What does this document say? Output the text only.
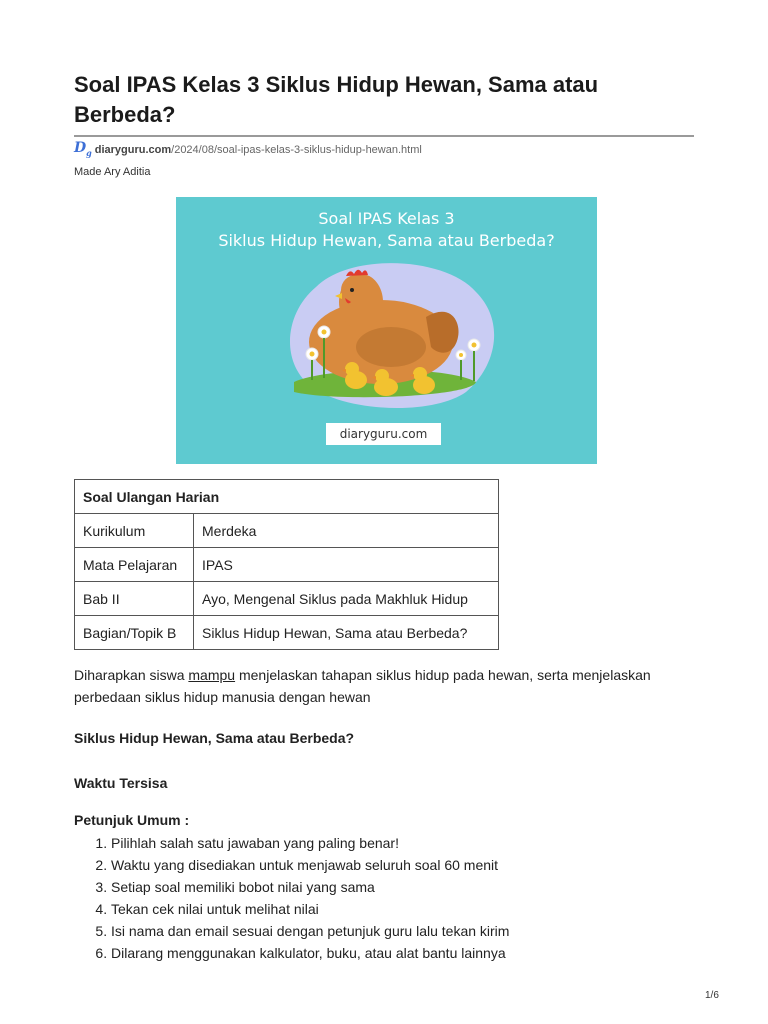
Soal IPAS Kelas 3 Siklus Hidup Hewan, Sama atau Berbeda?
$D_g$ diaryguru.com/2024/08/soal-ipas-kelas-3-siklus-hidup-hewan.html
Made Ary Aditia
Soal IPAS Kelas 3
Siklus Hidup Hewan, Sama atau Berbeda?
diaryguru.com
Soal Ulangan Harian	
Kurikulum	Merdeka
Mata Pelajaran	IPAS
Bab II	Ayo, Mengenal Siklus pada Makhluk Hidup
Bagian/Topik B	Siklus Hidup Hewan, Sama atau Berbeda?

Diharapkan siswa mampu menjelaskan tahapan siklus hidup pada hewan, serta menjelaskan perbedaan siklus hidup manusia dengan hewan

Siklus Hidup Hewan, Sama atau Berbeda?
Waktu Tersisa
Petunjuk Umum :
1. Pilihlah salah satu jawaban yang paling benar!
2. Waktu yang disediakan untuk menjawab seluruh soal 60 menit
3. Setiap soal memiliki bobot nilai yang sama
4. Tekan cek nilai untuk melihat nilai
5. Isi nama dan email sesuai dengan petunjuk guru lalu tekan kirim
6. Dilarang menggunakan kalkulator, buku, atau alat bantu lainnya
1/6
